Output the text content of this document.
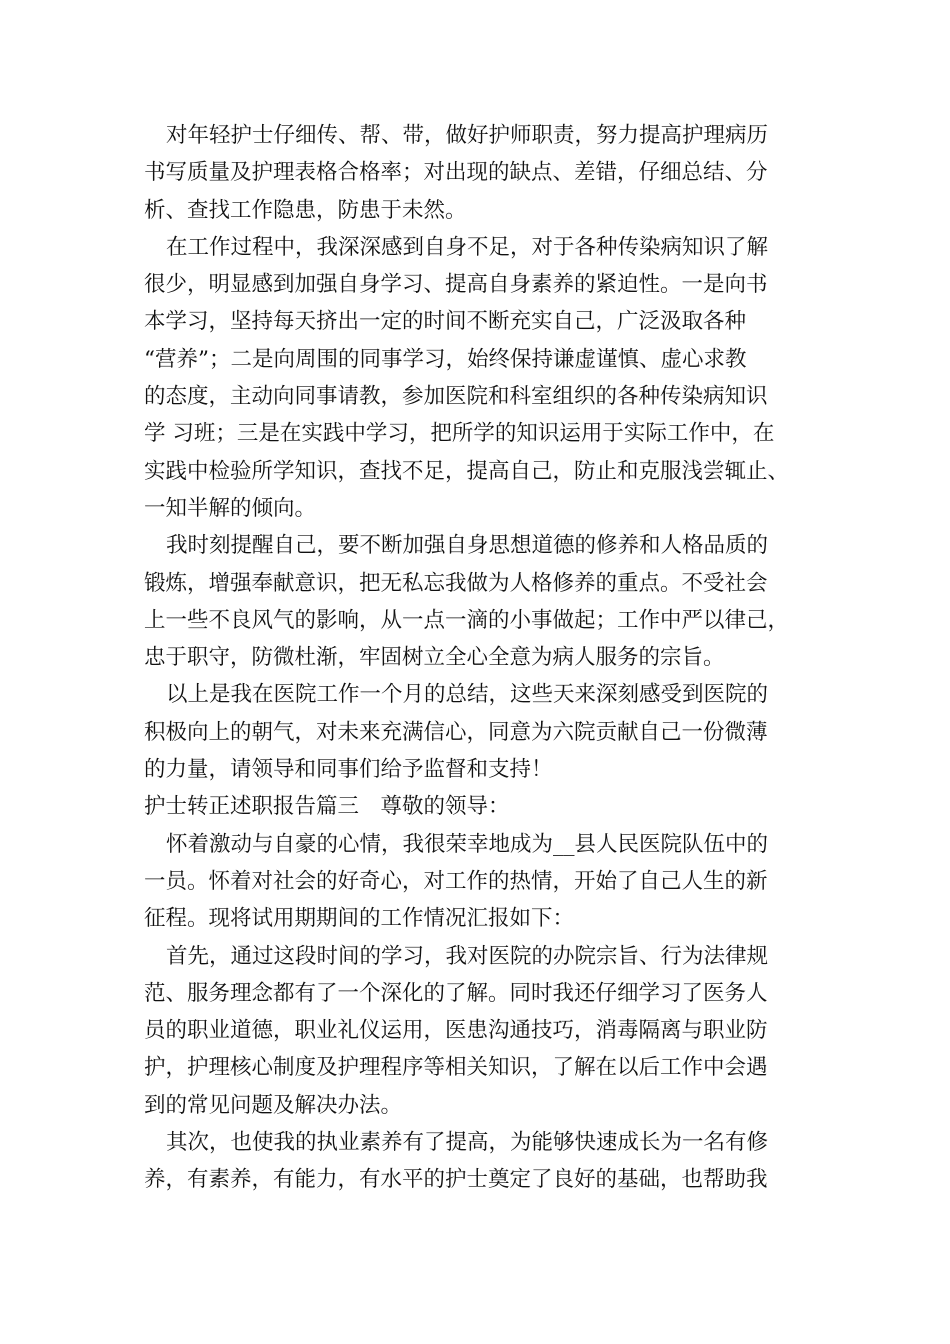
对年轻护士仔细传、帮、带，做好护师职责，努力提高护理病历
书写质量及护理表格合格率；对出现的缺点、差错，仔细总结、分
析、查找工作隐患，防患于未然。
在工作过程中，我深深感到自身不足，对于各种传染病知识了解
很少，明显感到加强自身学习、提高自身素养的紧迫性。一是向书
本学习，坚持每天挤出一定的时间不断充实自己，广泛汲取各种
“营养”；二是向周围的同事学习，始终保持谦虚谨慎、虚心求教
的态度，主动向同事请教，参加医院和科室组织的各种传染病知识
学 习班；三是在实践中学习，把所学的知识运用于实际工作中，在
实践中检验所学知识，查找不足，提高自己，防止和克服浅尝辄止、
一知半解的倾向。
我时刻提醒自己，要不断加强自身思想道德的修养和人格品质的
锻炼，增强奉献意识，把无私忘我做为人格修养的重点。不受社会
上一些不良风气的影响，从一点一滴的小事做起；工作中严以律己，
忠于职守，防微杜渐，牢固树立全心全意为病人服务的宗旨。
以上是我在医院工作一个月的总结，这些天来深刻感受到医院的
积极向上的朝气，对未来充满信心，同意为六院贡献自己一份微薄
的力量，请领导和同事们给予监督和支持！
护士转正述职报告篇三　尊敬的领导：
怀着激动与自豪的心情，我很荣幸地成为__县人民医院队伍中的
一员。怀着对社会的好奇心，对工作的热情，开始了自己人生的新
征程。现将试用期期间的工作情况汇报如下：
首先，通过这段时间的学习，我对医院的办院宗旨、行为法律规
范、服务理念都有了一个深化的了解。同时我还仔细学习了医务人
员的职业道德，职业礼仪运用，医患沟通技巧，消毒隔离与职业防
护，护理核心制度及护理程序等相关知识，了解在以后工作中会遇
到的常见问题及解决办法。
其次，也使我的执业素养有了提高，为能够快速成长为一名有修
养，有素养，有能力，有水平的护士奠定了良好的基础，也帮助我
